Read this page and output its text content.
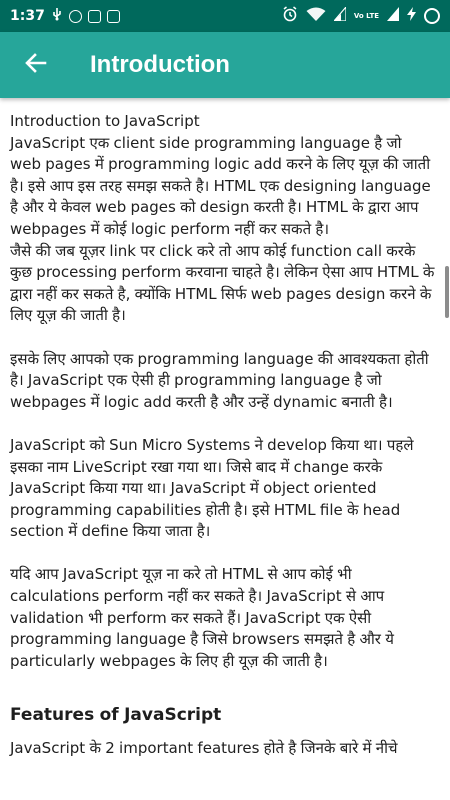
1:37	Vo LTE
Introduction

Introduction to JavaScript

JavaScript एक client side programming language है जो web pages में programming logic add करने के लिए यूज़ की जाती है। इसे आप इस तरह समझ सकते है। HTML एक designing language है और ये केवल web pages को design करती है। HTML के द्वारा आप webpages में कोई logic perform नहीं कर सकते है।

जैसे की जब यूज़र link पर click करे तो आप कोई function call करके कुछ processing perform करवाना चाहते है। लेकिन ऐसा आप HTML के द्वारा नहीं कर सकते है, क्योंकि HTML सिर्फ web pages design करने के लिए यूज़ की जाती है।

इसके लिए आपको एक programming language की आवश्यकता होती है। JavaScript एक ऐसी ही programming language है जो webpages में logic add करती है और उन्हें dynamic बनाती है।

JavaScript को Sun Micro Systems ने develop किया था। पहले इसका नाम LiveScript रखा गया था। जिसे बाद में change करके JavaScript किया गया था। JavaScript में object oriented programming capabilities होती है। इसे HTML file के head section में define किया जाता है।

यदि आप JavaScript यूज़ ना करे तो HTML से आप कोई भी calculations perform नहीं कर सकते है। JavaScript से आप validation भी perform कर सकते हैं। JavaScript एक ऐसी programming language है जिसे browsers समझते है और ये particularly webpages के लिए ही यूज़ की जाती है।

Features of JavaScript
JavaScript के 2 important features होते है जिनके बारे में नीचे
